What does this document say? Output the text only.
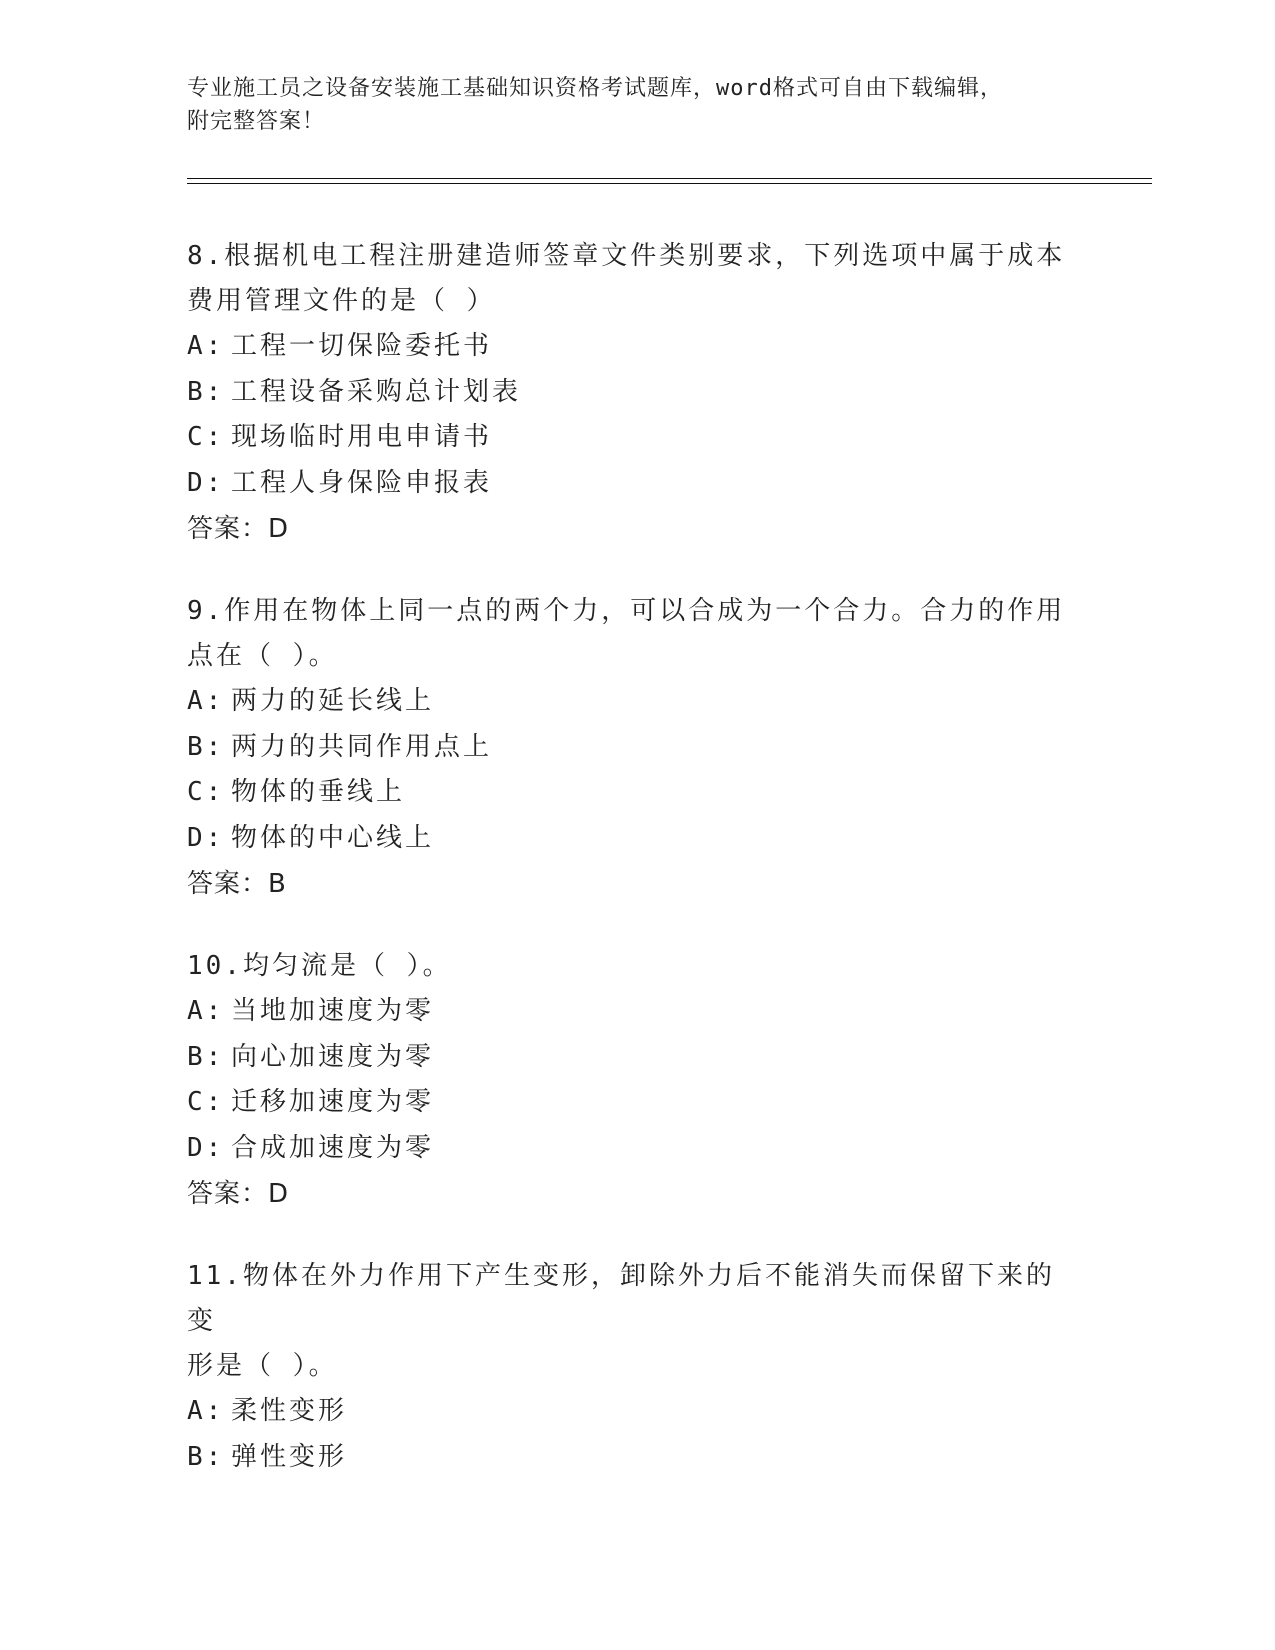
专业施工员之设备安装施工基础知识资格考试题库，word格式可自由下载编辑，
附完整答案！
8.根据机电工程注册建造师签章文件类别要求，下列选项中属于成本
费用管理文件的是（ ）
A: 工程一切保险委托书
B: 工程设备采购总计划表
C: 现场临时用电申请书
D: 工程人身保险申报表
答案：D
9.作用在物体上同一点的两个力，可以合成为一个合力。合力的作用
点在（ ）。
A: 两力的延长线上
B: 两力的共同作用点上
C: 物体的垂线上
D: 物体的中心线上
答案：B
10.均匀流是（ ）。
A: 当地加速度为零
B: 向心加速度为零
C: 迁移加速度为零
D: 合成加速度为零
答案：D
11.物体在外力作用下产生变形，卸除外力后不能消失而保留下来的变
形是（ ）。
A: 柔性变形
B: 弹性变形
